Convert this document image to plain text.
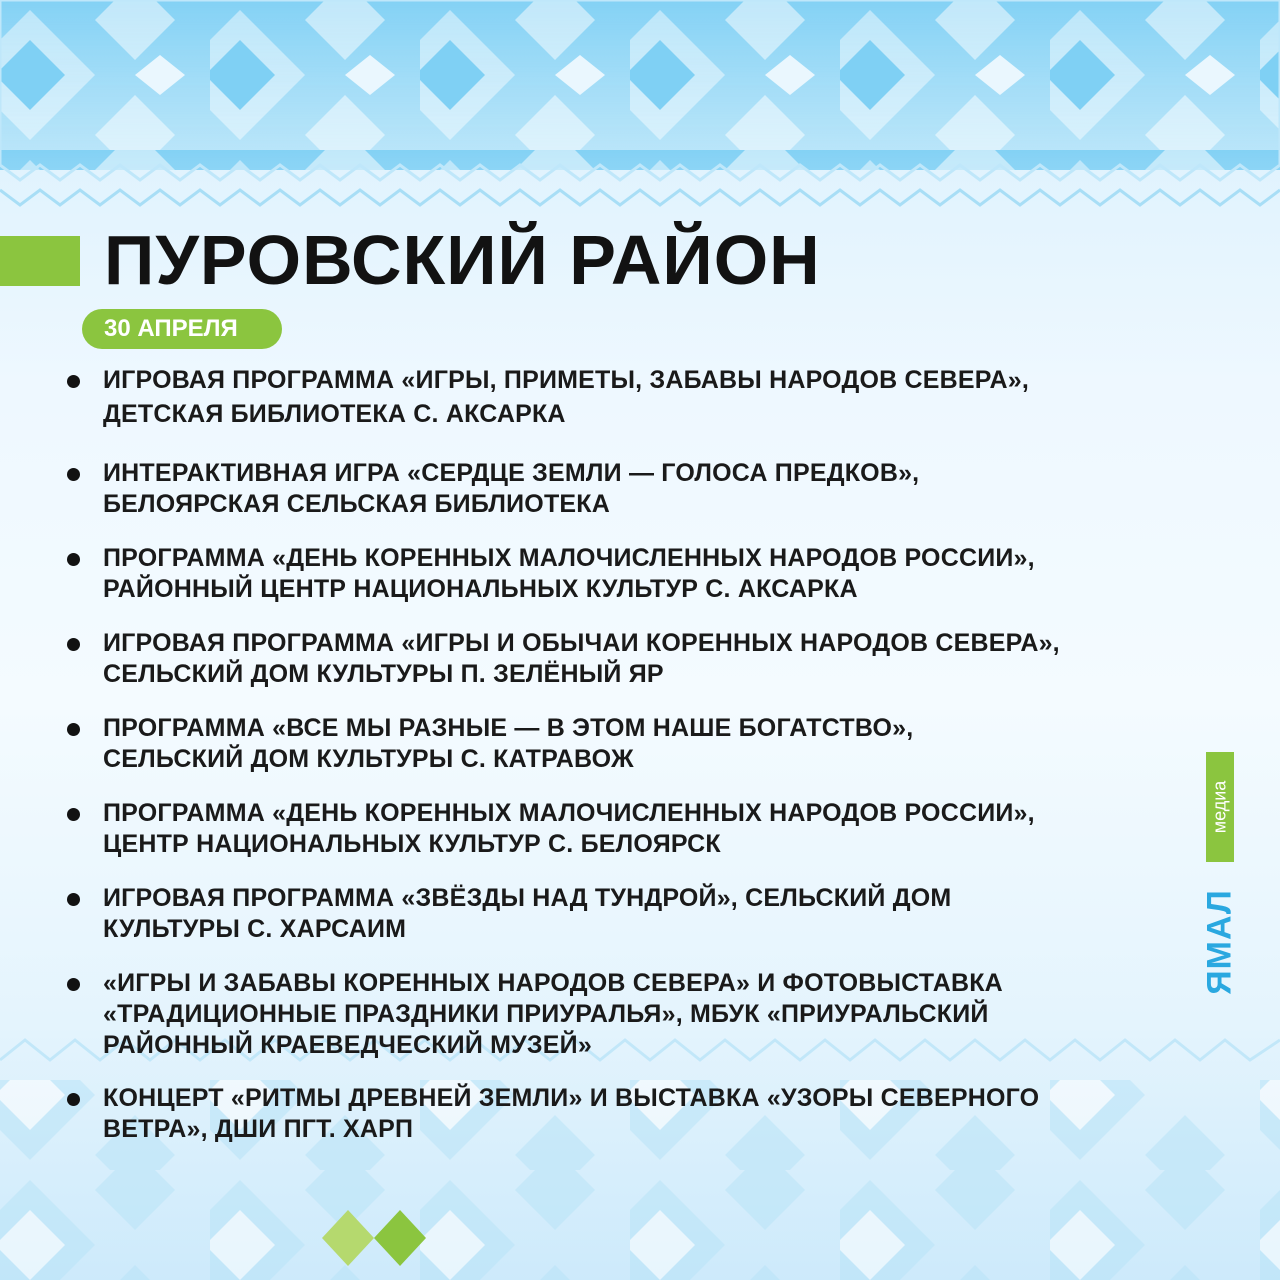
ПУРОВСКИЙ РАЙОН
30 АПРЕЛЯ
ИГРОВАЯ ПРОГРАММА «ИГРЫ, ПРИМЕТЫ, ЗАБАВЫ НАРОДОВ СЕВЕРА»,
ДЕТСКАЯ БИБЛИОТЕКА С. АКСАРКА
ИНТЕРАКТИВНАЯ ИГРА «СЕРДЦЕ ЗЕМЛИ — ГОЛОСА ПРЕДКОВ»,
БЕЛОЯРСКАЯ СЕЛЬСКАЯ БИБЛИОТЕКА
ПРОГРАММА «ДЕНЬ КОРЕННЫХ МАЛОЧИСЛЕННЫХ НАРОДОВ РОССИИ»,
РАЙОННЫЙ ЦЕНТР НАЦИОНАЛЬНЫХ КУЛЬТУР С. АКСАРКА
ИГРОВАЯ ПРОГРАММА «ИГРЫ И ОБЫЧАИ КОРЕННЫХ НАРОДОВ СЕВЕРА»,
СЕЛЬСКИЙ ДОМ КУЛЬТУРЫ П. ЗЕЛЁНЫЙ ЯР
ПРОГРАММА «ВСЕ МЫ РАЗНЫЕ — В ЭТОМ НАШЕ БОГАТСТВО»,
СЕЛЬСКИЙ ДОМ КУЛЬТУРЫ С. КАТРАВОЖ
ПРОГРАММА «ДЕНЬ КОРЕННЫХ МАЛОЧИСЛЕННЫХ НАРОДОВ РОССИИ»,
ЦЕНТР НАЦИОНАЛЬНЫХ КУЛЬТУР С. БЕЛОЯРСК
ИГРОВАЯ ПРОГРАММА «ЗВЁЗДЫ НАД ТУНДРОЙ», СЕЛЬСКИЙ ДОМ
КУЛЬТУРЫ С. ХАРСАИМ
«ИГРЫ И ЗАБАВЫ КОРЕННЫХ НАРОДОВ СЕВЕРА» И ФОТОВЫСТАВКА
«ТРАДИЦИОННЫЕ ПРАЗДНИКИ ПРИУРАЛЬЯ», МБУК «ПРИУРАЛЬСКИЙ
РАЙОННЫЙ КРАЕВЕДЧЕСКИЙ МУЗЕЙ»
КОНЦЕРТ «РИТМЫ ДРЕВНЕЙ ЗЕМЛИ» И ВЫСТАВКА «УЗОРЫ СЕВЕРНОГО
ВЕТРА», ДШИ ПГТ. ХАРП
медиа
ЯМАЛ
